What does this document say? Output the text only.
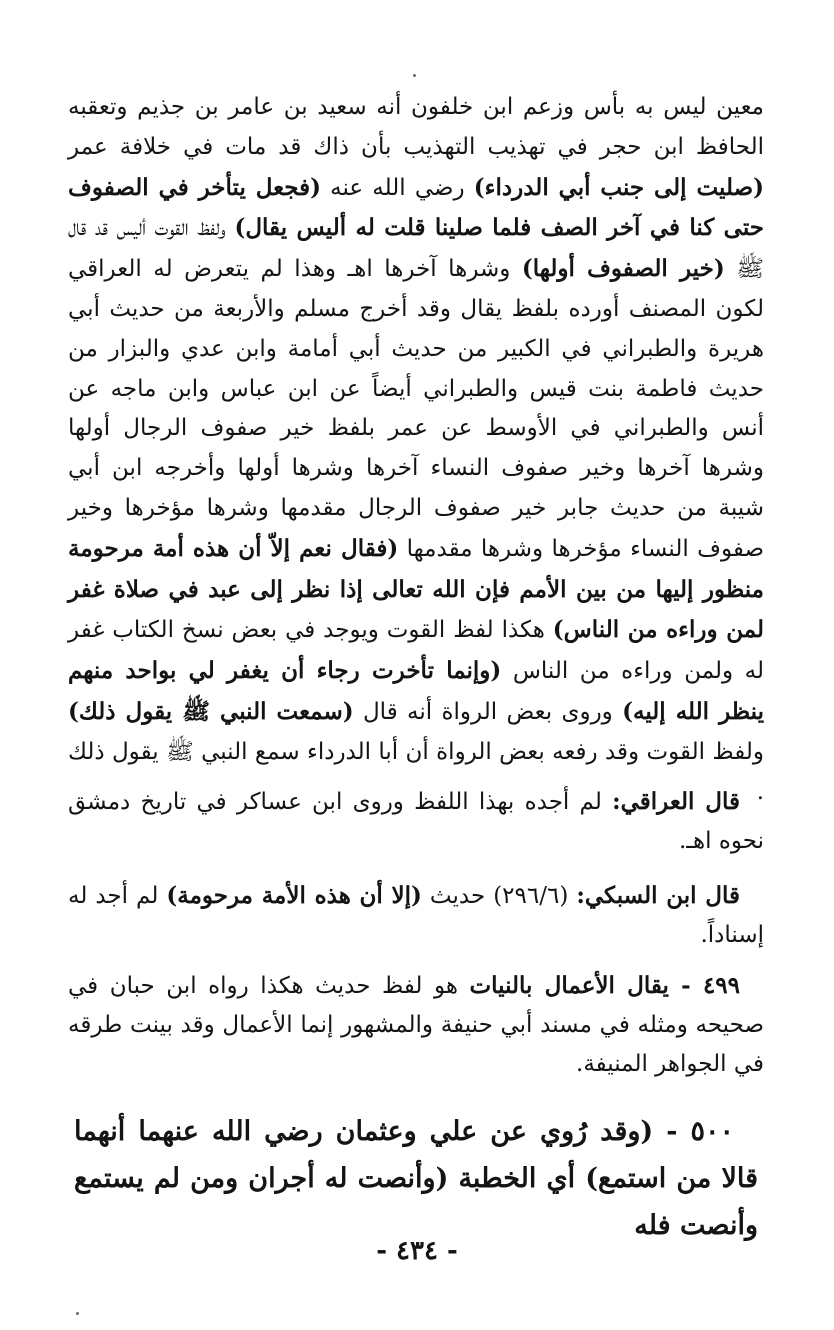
معين ليس به بأس وزعم ابن خلفون أنه سعيد بن عامر بن جذيم وتعقبه الحافظ ابن حجر في تهذيب التهذيب بأن ذاك قد مات في خلافة عمر (صليت إلى جنب أبي الدرداء) رضي الله عنه (فجعل يتأخر في الصفوف حتى كنا في آخر الصف فلما صلينا قلت له أليس يقال) ولفظ القوت أليس قد قال ﷺ (خير الصفوف أولها) وشرها آخرها اهـ وهذا لم يتعرض له العراقي لكون المصنف أورده بلفظ يقال وقد أخرج مسلم والأربعة من حديث أبي هريرة والطبراني في الكبير من حديث أبي أمامة وابن عدي والبزار من حديث فاطمة بنت قيس والطبراني أيضاً عن ابن عباس وابن ماجه عن أنس والطبراني في الأوسط عن عمر بلفظ خير صفوف الرجال أولها وشرها آخرها وخير صفوف النساء آخرها وشرها أولها وأخرجه ابن أبي شيبة من حديث جابر خير صفوف الرجال مقدمها وشرها مؤخرها وخير صفوف النساء مؤخرها وشرها مقدمها (فقال نعم إلاّ أن هذه أمة مرحومة منظور إليها من بين الأمم فإن الله تعالى إذا نظر إلى عبد في صلاة غفر لمن وراءه من الناس) هكذا لفظ القوت ويوجد في بعض نسخ الكتاب غفر له ولمن وراءه من الناس (وإنما تأخرت رجاء أن يغفر لي بواحد منهم ينظر الله إليه) وروى بعض الرواة أنه قال (سمعت النبي ﷺ يقول ذلك) ولفظ القوت وقد رفعه بعض الرواة أن أبا الدرداء سمع النبي ﷺ يقول ذلك .
قال العراقي: لم أجده بهذا اللفظ وروى ابن عساكر في تاريخ دمشق نحوه اهـ.
قال ابن السبكي: (٢٩٦/٦) حديث (إلا أن هذه الأمة مرحومة) لم أجد له إسناداً.
٤٩٩ - يقال الأعمال بالنيات هو لفظ حديث هكذا رواه ابن حبان في صحيحه ومثله في مسند أبي حنيفة والمشهور إنما الأعمال وقد بينت طرقه في الجواهر المنيفة.
٥٠٠ - (وقد رُوي عن علي وعثمان رضي الله عنهما أنهما قالا من استمع) أي الخطبة (وأنصت له أجران ومن لم يستمع وأنصت فله
- ٤٣٤ -
